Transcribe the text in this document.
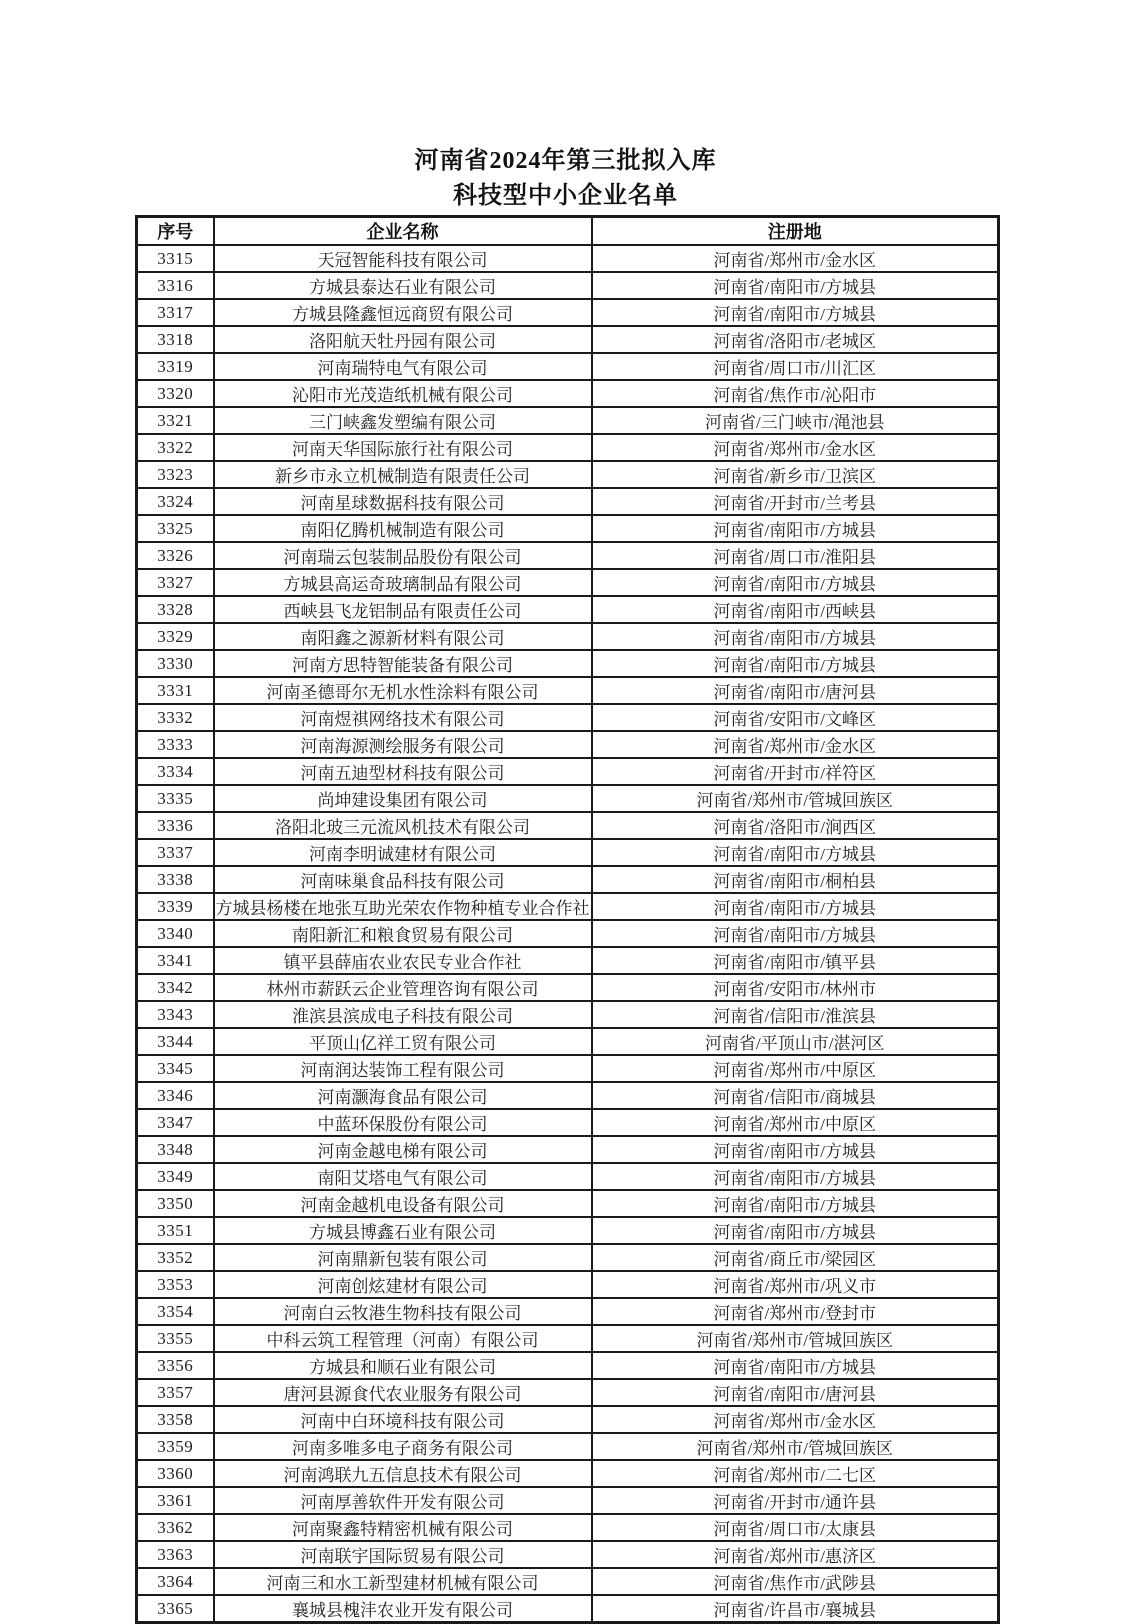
河南省2024年第三批拟入库
科技型中小企业名单
序号	企业名称	注册地
3315	天冠智能科技有限公司	河南省/郑州市/金水区
3316	方城县泰达石业有限公司	河南省/南阳市/方城县
3317	方城县隆鑫恒远商贸有限公司	河南省/南阳市/方城县
3318	洛阳航天牡丹园有限公司	河南省/洛阳市/老城区
3319	河南瑞特电气有限公司	河南省/周口市/川汇区
3320	沁阳市光茂造纸机械有限公司	河南省/焦作市/沁阳市
3321	三门峡鑫发塑编有限公司	河南省/三门峡市/渑池县
3322	河南天华国际旅行社有限公司	河南省/郑州市/金水区
3323	新乡市永立机械制造有限责任公司	河南省/新乡市/卫滨区
3324	河南星球数据科技有限公司	河南省/开封市/兰考县
3325	南阳亿腾机械制造有限公司	河南省/南阳市/方城县
3326	河南瑞云包装制品股份有限公司	河南省/周口市/淮阳县
3327	方城县高运奇玻璃制品有限公司	河南省/南阳市/方城县
3328	西峡县飞龙铝制品有限责任公司	河南省/南阳市/西峡县
3329	南阳鑫之源新材料有限公司	河南省/南阳市/方城县
3330	河南方思特智能装备有限公司	河南省/南阳市/方城县
3331	河南圣德哥尔无机水性涂料有限公司	河南省/南阳市/唐河县
3332	河南煜祺网络技术有限公司	河南省/安阳市/文峰区
3333	河南海源测绘服务有限公司	河南省/郑州市/金水区
3334	河南五迪型材科技有限公司	河南省/开封市/祥符区
3335	尚坤建设集团有限公司	河南省/郑州市/管城回族区
3336	洛阳北玻三元流风机技术有限公司	河南省/洛阳市/涧西区
3337	河南李明诚建材有限公司	河南省/南阳市/方城县
3338	河南味巢食品科技有限公司	河南省/南阳市/桐柏县
3339	方城县杨楼在地张互助光荣农作物种植专业合作社	河南省/南阳市/方城县
3340	南阳新汇和粮食贸易有限公司	河南省/南阳市/方城县
3341	镇平县薛庙农业农民专业合作社	河南省/南阳市/镇平县
3342	林州市薪跃云企业管理咨询有限公司	河南省/安阳市/林州市
3343	淮滨县滨成电子科技有限公司	河南省/信阳市/淮滨县
3344	平顶山亿祥工贸有限公司	河南省/平顶山市/湛河区
3345	河南润达装饰工程有限公司	河南省/郑州市/中原区
3346	河南灏海食品有限公司	河南省/信阳市/商城县
3347	中蓝环保股份有限公司	河南省/郑州市/中原区
3348	河南金越电梯有限公司	河南省/南阳市/方城县
3349	南阳艾塔电气有限公司	河南省/南阳市/方城县
3350	河南金越机电设备有限公司	河南省/南阳市/方城县
3351	方城县博鑫石业有限公司	河南省/南阳市/方城县
3352	河南鼎新包装有限公司	河南省/商丘市/梁园区
3353	河南创炫建材有限公司	河南省/郑州市/巩义市
3354	河南白云牧港生物科技有限公司	河南省/郑州市/登封市
3355	中科云筑工程管理（河南）有限公司	河南省/郑州市/管城回族区
3356	方城县和顺石业有限公司	河南省/南阳市/方城县
3357	唐河县源食代农业服务有限公司	河南省/南阳市/唐河县
3358	河南中白环境科技有限公司	河南省/郑州市/金水区
3359	河南多唯多电子商务有限公司	河南省/郑州市/管城回族区
3360	河南鸿联九五信息技术有限公司	河南省/郑州市/二七区
3361	河南厚善软件开发有限公司	河南省/开封市/通许县
3362	河南聚鑫特精密机械有限公司	河南省/周口市/太康县
3363	河南联宇国际贸易有限公司	河南省/郑州市/惠济区
3364	河南三和水工新型建材机械有限公司	河南省/焦作市/武陟县
3365	襄城县槐沣农业开发有限公司	河南省/许昌市/襄城县
